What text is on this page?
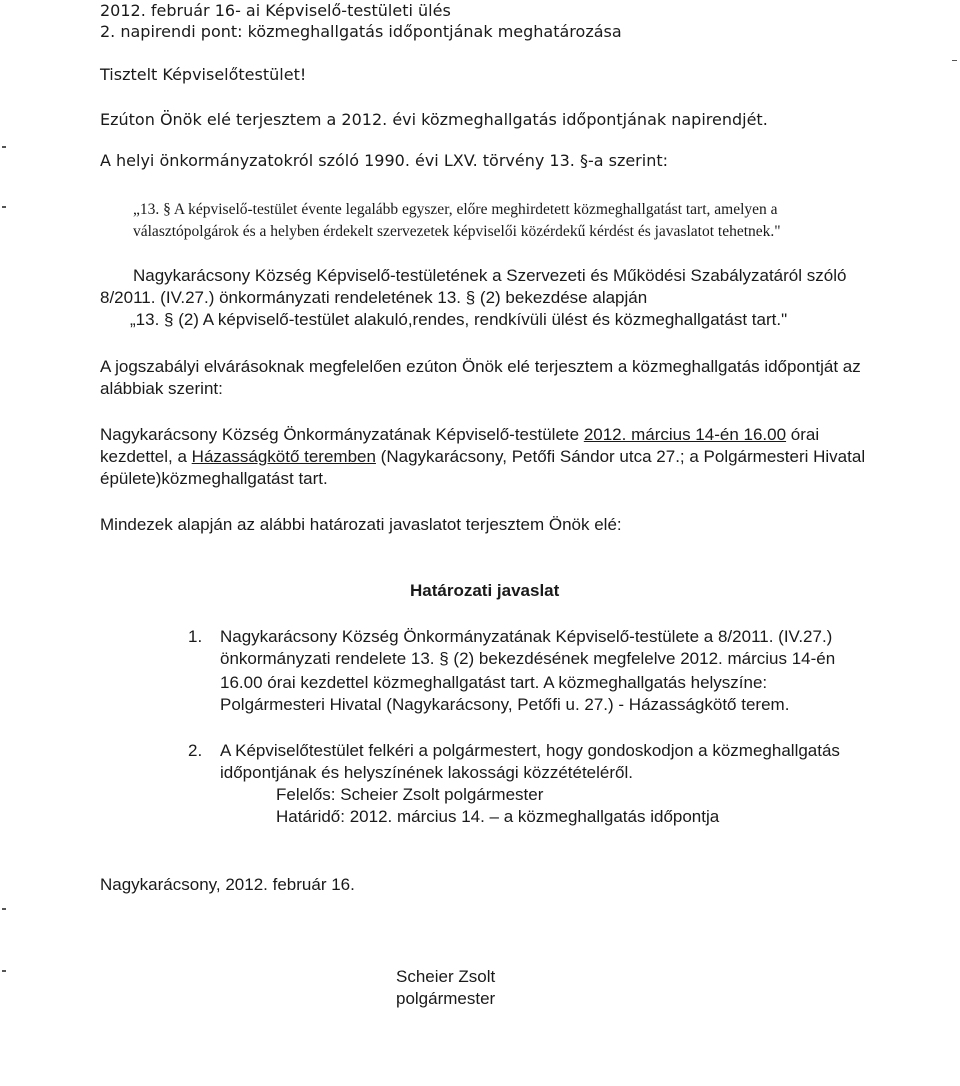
2012. február 16- ai Képviselő-testületi ülés
2. napirendi pont: közmeghallgatás időpontjának meghatározása
Tisztelt Képviselőtestület!
Ezúton Önök elé terjesztem a 2012. évi közmeghallgatás időpontjának napirendjét.
A helyi önkormányzatokról szóló 1990. évi LXV. törvény 13. §-a szerint:
„13. § A képviselő-testület évente legalább egyszer, előre meghirdetett közmeghallgatást tart, amelyen a
választópolgárok és a helyben érdekelt szervezetek képviselői közérdekű kérdést és javaslatot tehetnek."
Nagykarácsony Község Képviselő-testületének a Szervezeti és Működési Szabályzatáról szóló
8/2011. (IV.27.) önkormányzati rendeletének 13. § (2) bekezdése alapján
„13. § (2) A képviselő-testület alakuló,rendes, rendkívüli ülést és közmeghallgatást tart."
A jogszabályi elvárásoknak megfelelően ezúton Önök elé terjesztem a közmeghallgatás időpontját az
alábbiak szerint:
Nagykarácsony Község Önkormányzatának Képviselő-testülete 2012. március 14-én 16.00 órai
kezdettel, a Házasságkötő teremben (Nagykarácsony, Petőfi Sándor utca 27.; a Polgármesteri Hivatal
épülete)közmeghallgatást tart.
Mindezek alapján az alábbi határozati javaslatot terjesztem Önök elé:
Határozati javaslat
1. Nagykarácsony Község Önkormányzatának Képviselő-testülete a 8/2011. (IV.27.)
önkormányzati rendelete 13. § (2) bekezdésének megfelelve 2012. március 14-én
16.00 órai kezdettel közmeghallgatást tart. A közmeghallgatás helyszíne:
Polgármesteri Hivatal (Nagykarácsony, Petőfi u. 27.) - Házasságkötő terem.
2. A Képviselőtestület felkéri a polgármestert, hogy gondoskodjon a közmeghallgatás
időpontjának és helyszínének lakossági közzétételéről.
Felelős: Scheier Zsolt polgármester
Határidő: 2012. március 14. – a közmeghallgatás időpontja
Nagykarácsony, 2012. február 16.
Scheier Zsolt
polgármester
